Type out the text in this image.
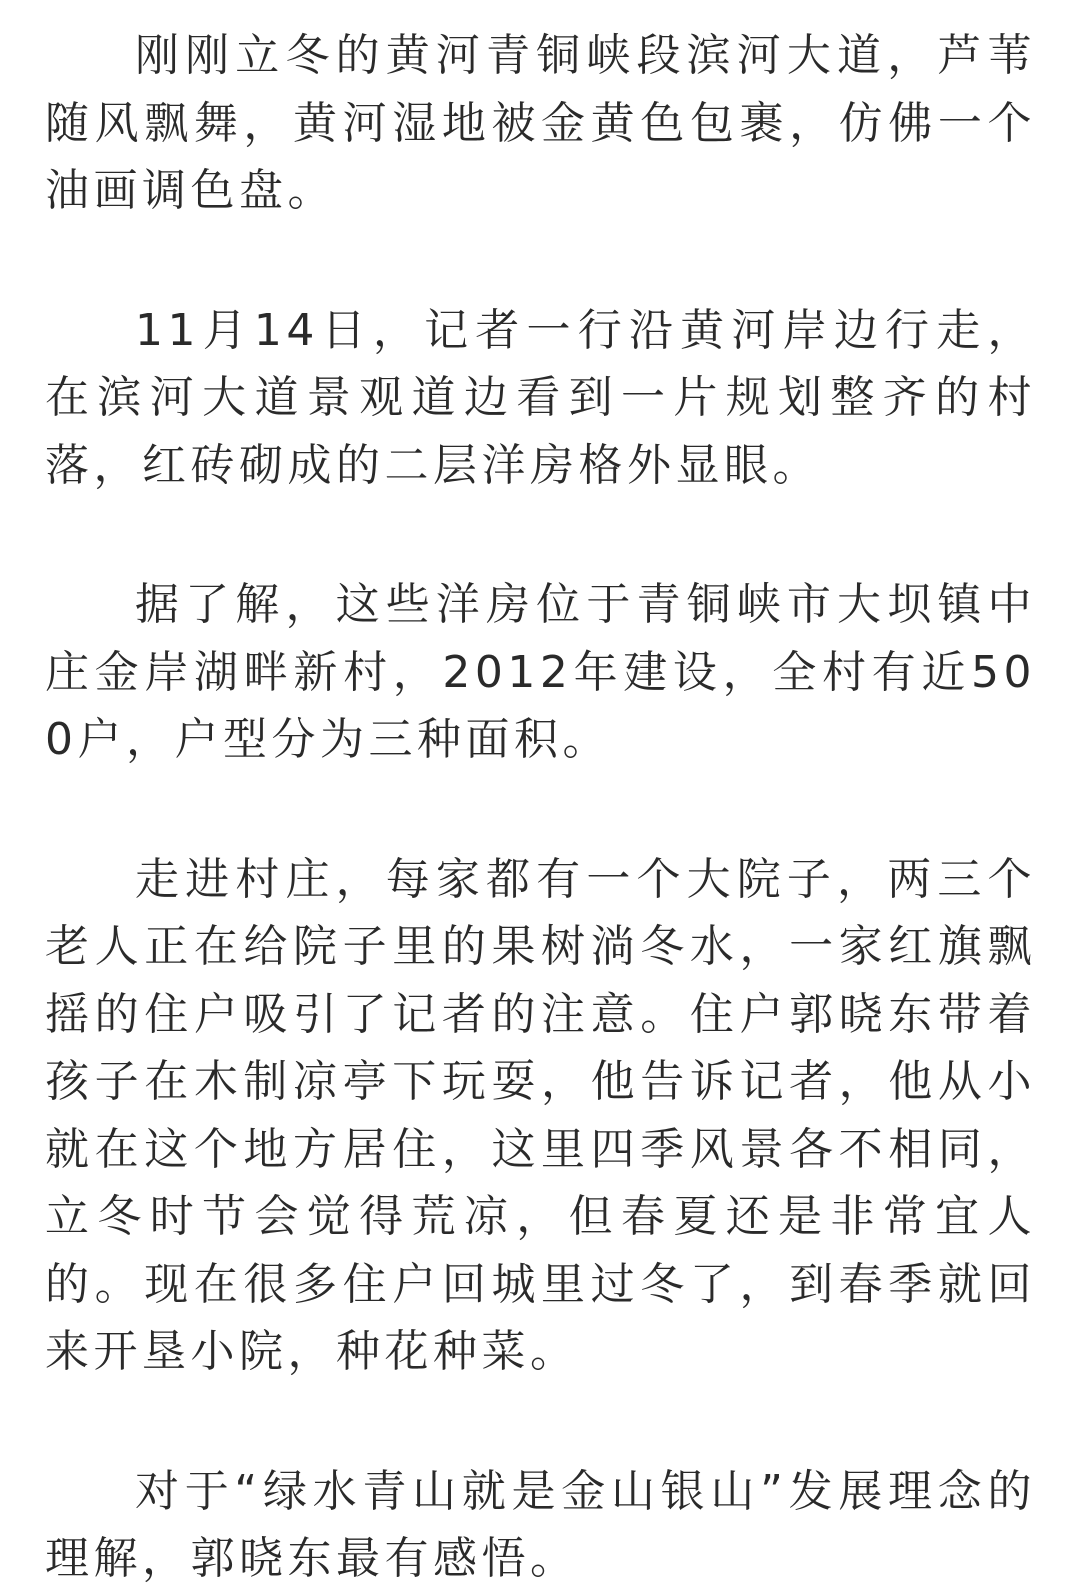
刚刚立冬的黄河青铜峡段滨河大道，芦苇随风飘舞，黄河湿地被金黄色包裹，仿佛一个油画调色盘。

11月14日，记者一行沿黄河岸边行走，在滨河大道景观道边看到一片规划整齐的村落，红砖砌成的二层洋房格外显眼。

据了解，这些洋房位于青铜峡市大坝镇中庄金岸湖畔新村，2012年建设，全村有近500户，户型分为三种面积。

走进村庄，每家都有一个大院子，两三个老人正在给院子里的果树淌冬水，一家红旗飘摇的住户吸引了记者的注意。住户郭晓东带着孩子在木制凉亭下玩耍，他告诉记者，他从小就在这个地方居住，这里四季风景各不相同，立冬时节会觉得荒凉，但春夏还是非常宜人的。现在很多住户回城里过冬了，到春季就回来开垦小院，种花种菜。

对于“绿水青山就是金山银山”发展理念的理解，郭晓东最有感悟。
